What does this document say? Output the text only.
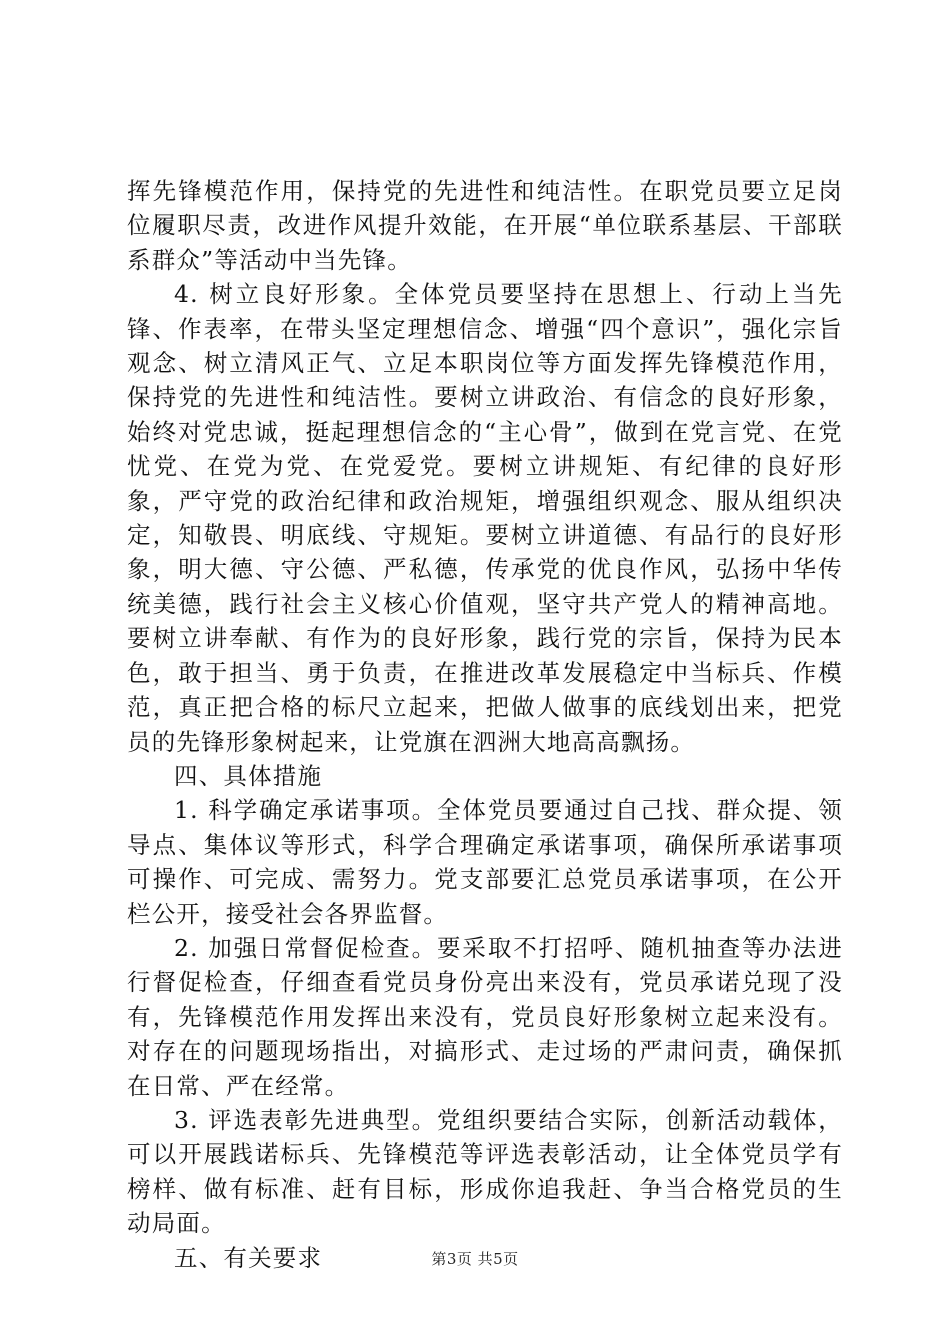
挥先锋模范作用，保持党的先进性和纯洁性。在职党员要立足岗位履职尽责，改进作风提升效能，在开展“单位联系基层、干部联系群众”等活动中当先锋。

4. 树立良好形象。全体党员要坚持在思想上、行动上当先锋、作表率，在带头坚定理想信念、增强“四个意识”，强化宗旨观念、树立清风正气、立足本职岗位等方面发挥先锋模范作用，保持党的先进性和纯洁性。要树立讲政治、有信念的良好形象，始终对党忠诚，挺起理想信念的“主心骨”，做到在党言党、在党忧党、在党为党、在党爱党。要树立讲规矩、有纪律的良好形象，严守党的政治纪律和政治规矩，增强组织观念、服从组织决定，知敬畏、明底线、守规矩。要树立讲道德、有品行的良好形象，明大德、守公德、严私德，传承党的优良作风，弘扬中华传统美德，践行社会主义核心价值观，坚守共产党人的精神高地。要树立讲奉献、有作为的良好形象，践行党的宗旨，保持为民本色，敢于担当、勇于负责，在推进改革发展稳定中当标兵、作模范，真正把合格的标尺立起来，把做人做事的底线划出来，把党员的先锋形象树起来，让党旗在泗洲大地高高飘扬。

四、具体措施

1. 科学确定承诺事项。全体党员要通过自己找、群众提、领导点、集体议等形式，科学合理确定承诺事项，确保所承诺事项可操作、可完成、需努力。党支部要汇总党员承诺事项，在公开栏公开，接受社会各界监督。

2. 加强日常督促检查。要采取不打招呼、随机抽查等办法进行督促检查，仔细查看党员身份亮出来没有，党员承诺兑现了没有，先锋模范作用发挥出来没有，党员良好形象树立起来没有。对存在的问题现场指出，对搞形式、走过场的严肃问责，确保抓在日常、严在经常。

3. 评选表彰先进典型。党组织要结合实际，创新活动载体，可以开展践诺标兵、先锋模范等评选表彰活动，让全体党员学有榜样、做有标准、赶有目标，形成你追我赶、争当合格党员的生动局面。

五、有关要求	第3页 共5页
